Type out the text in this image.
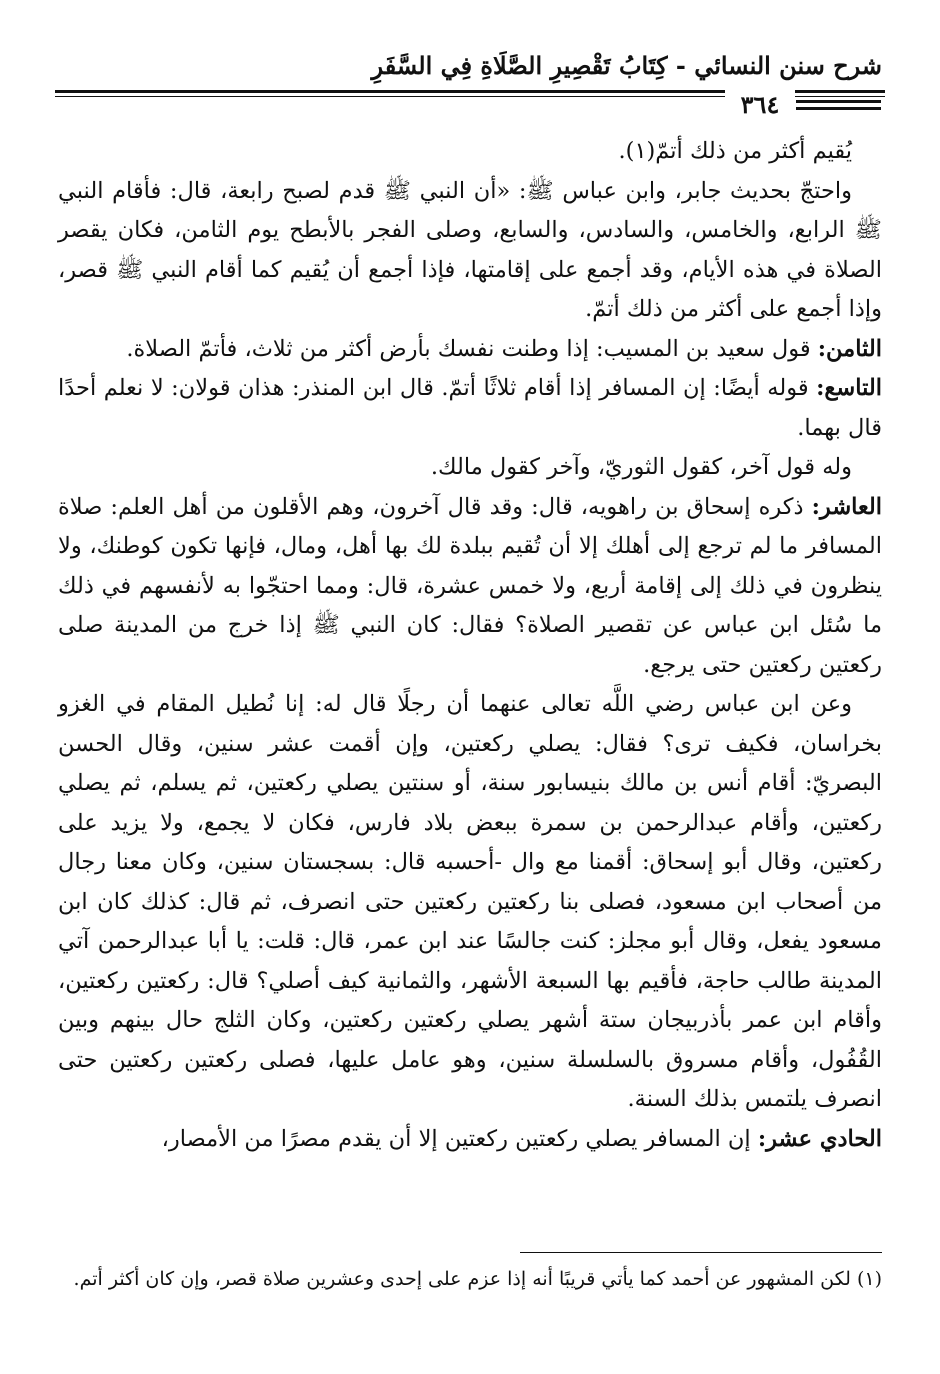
شرح سنن النسائي - كِتَابُ تَقْصِيرِ الصَّلَاةِ فِي السَّفَرِ
٣٦٤

يُقيم أكثر من ذلك أتمّ(١).

واحتجّ بحديث جابر، وابن عباس ﷺ: «أن النبي ﷺ قدم لصبح رابعة، قال: فأقام النبي ﷺ الرابع، والخامس، والسادس، والسابع، وصلى الفجر بالأبطح يوم الثامن، فكان يقصر الصلاة في هذه الأيام، وقد أجمع على إقامتها، فإذا أجمع أن يُقيم كما أقام النبي ﷺ قصر، وإذا أجمع على أكثر من ذلك أتمّ.

الثامن: قول سعيد بن المسيب: إذا وطنت نفسك بأرض أكثر من ثلاث، فأتمّ الصلاة.

التاسع: قوله أيضًا: إن المسافر إذا أقام ثلاثًا أتمّ. قال ابن المنذر: هذان قولان: لا نعلم أحدًا قال بهما.

وله قول آخر، كقول الثوريّ، وآخر كقول مالك.

العاشر: ذكره إسحاق بن راهويه، قال: وقد قال آخرون، وهم الأقلون من أهل العلم: صلاة المسافر ما لم ترجع إلى أهلك إلا أن تُقيم ببلدة لك بها أهل، ومال، فإنها تكون كوطنك، ولا ينظرون في ذلك إلى إقامة أربع، ولا خمس عشرة، قال: ومما احتجّوا به لأنفسهم في ذلك ما سُئل ابن عباس عن تقصير الصلاة؟ فقال: كان النبي ﷺ إذا خرج من المدينة صلى ركعتين ركعتين حتى يرجع.

وعن ابن عباس رضي اللَّه تعالى عنهما أن رجلًا قال له: إنا نُطيل المقام في الغزو بخراسان، فكيف ترى؟ فقال: يصلي ركعتين، وإن أقمت عشر سنين، وقال الحسن البصريّ: أقام أنس بن مالك بنيسابور سنة، أو سنتين يصلي ركعتين، ثم يسلم، ثم يصلي ركعتين، وأقام عبدالرحمن بن سمرة ببعض بلاد فارس، فكان لا يجمع، ولا يزيد على ركعتين، وقال أبو إسحاق: أقمنا مع وال -أحسبه قال: بسجستان سنين، وكان معنا رجال من أصحاب ابن مسعود، فصلى بنا ركعتين ركعتين حتى انصرف، ثم قال: كذلك كان ابن مسعود يفعل، وقال أبو مجلز: كنت جالسًا عند ابن عمر، قال: قلت: يا أبا عبدالرحمن آتي المدينة طالب حاجة، فأقيم بها السبعة الأشهر، والثمانية كيف أصلي؟ قال: ركعتين ركعتين، وأقام ابن عمر بأذربيجان ستة أشهر يصلي ركعتين ركعتين، وكان الثلج حال بينهم وبين القُفُول، وأقام مسروق بالسلسلة سنين، وهو عامل عليها، فصلى ركعتين ركعتين حتى انصرف يلتمس بذلك السنة.

الحادي عشر: إن المسافر يصلي ركعتين ركعتين إلا أن يقدم مصرًا من الأمصار،

(١) لكن المشهور عن أحمد كما يأتي قريبًا أنه إذا عزم على إحدى وعشرين صلاة قصر، وإن كان أكثر أتم.
